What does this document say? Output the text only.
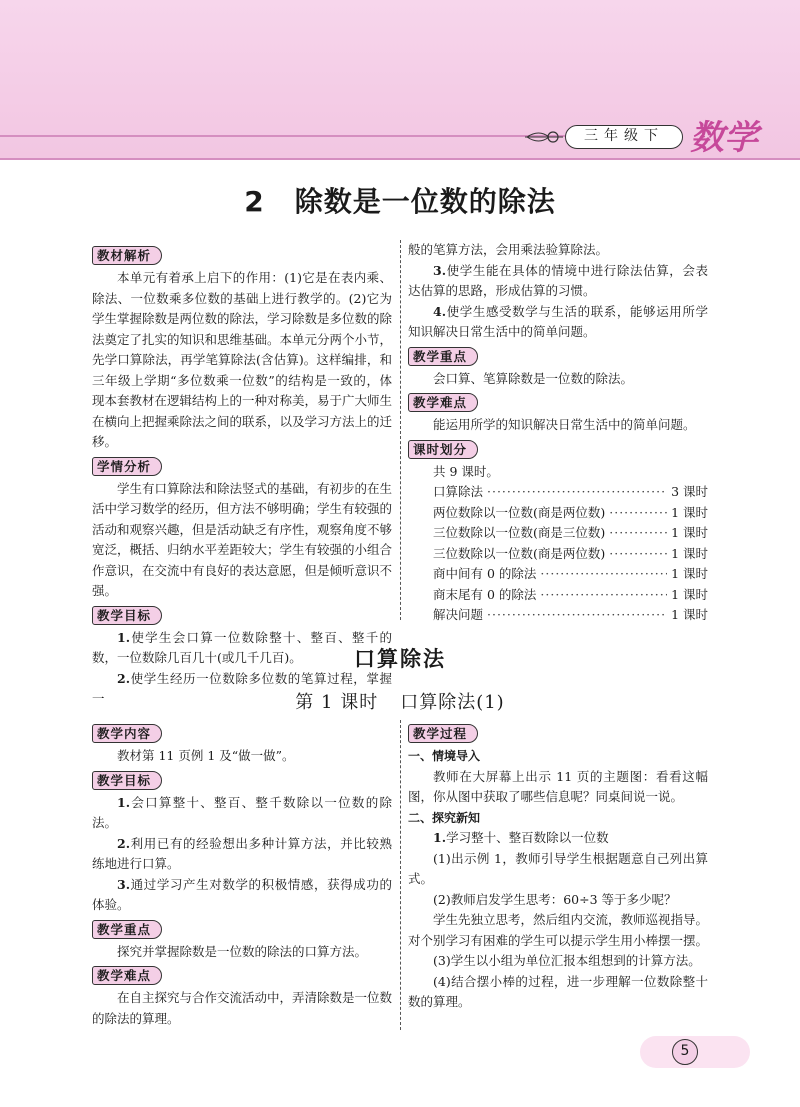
三年级下 数学
2 除数是一位数的除法
教材解析

本单元有着承上启下的作用：(1)它是在表内乘、除法、一位数乘多位数的基础上进行教学的。(2)它为学生掌握除数是两位数的除法，学习除数是多位数的除法奠定了扎实的知识和思维基础。本单元分两个小节，先学口算除法，再学笔算除法(含估算)。这样编排，和三年级上学期“多位数乘一位数”的结构是一致的，体现本套教材在逻辑结构上的一种对称美，易于广大师生在横向上把握乘除法之间的联系，以及学习方法上的迁移。

学情分析

学生有口算除法和除法竖式的基础，有初步的在生活中学习数学的经历，但方法不够明确；学生有较强的活动和观察兴趣，但是活动缺乏有序性，观察角度不够宽泛，概括、归纳水平差距较大；学生有较强的小组合作意识，在交流中有良好的表达意愿，但是倾听意识不强。

教学目标

1.使学生会口算一位数除整十、整百、整千的数，一位数除几百几十(或几千几百)。

2.使学生经历一位数除多位数的笔算过程，掌握一

般的笔算方法，会用乘法验算除法。

3.使学生能在具体的情境中进行除法估算，会表达估算的思路，形成估算的习惯。

4.使学生感受数学与生活的联系，能够运用所学知识解决日常生活中的简单问题。

教学重点

会口算、笔算除数是一位数的除法。

教学难点

能运用所学的知识解决日常生活中的简单问题。

课时划分

共 9 课时。

口算除法 ·····	3 课时
两位数除以一位数(商是两位数) ·····	1 课时
三位数除以一位数(商是三位数) ·····	1 课时
三位数除以一位数(商是两位数) ·····	1 课时
商中间有 0 的除法 ·····	1 课时
商末尾有 0 的除法 ·····	1 课时
解决问题 ·····	1 课时
口算除法
第 1 课时 口算除法(1)
教学内容

教材第 11 页例 1 及“做一做”。

教学目标

1.会口算整十、整百、整千数除以一位数的除法。

2.利用已有的经验想出多种计算方法，并比较熟练地进行口算。

3.通过学习产生对数学的积极情感，获得成功的体验。

教学重点

探究并掌握除数是一位数的除法的口算方法。

教学难点

在自主探究与合作交流活动中，弄清除数是一位数的除法的算理。

教学过程

一、情境导入

教师在大屏幕上出示 11 页的主题图：看看这幅图，你从图中获取了哪些信息呢？同桌间说一说。

二、探究新知

1.学习整十、整百数除以一位数

(1)出示例 1，教师引导学生根据题意自己列出算式。

(2)教师启发学生思考：60÷3 等于多少呢？

学生先独立思考，然后组内交流，教师巡视指导。对个别学习有困难的学生可以提示学生用小棒摆一摆。

(3)学生以小组为单位汇报本组想到的计算方法。

(4)结合摆小棒的过程，进一步理解一位数除整十数的算理。

5
